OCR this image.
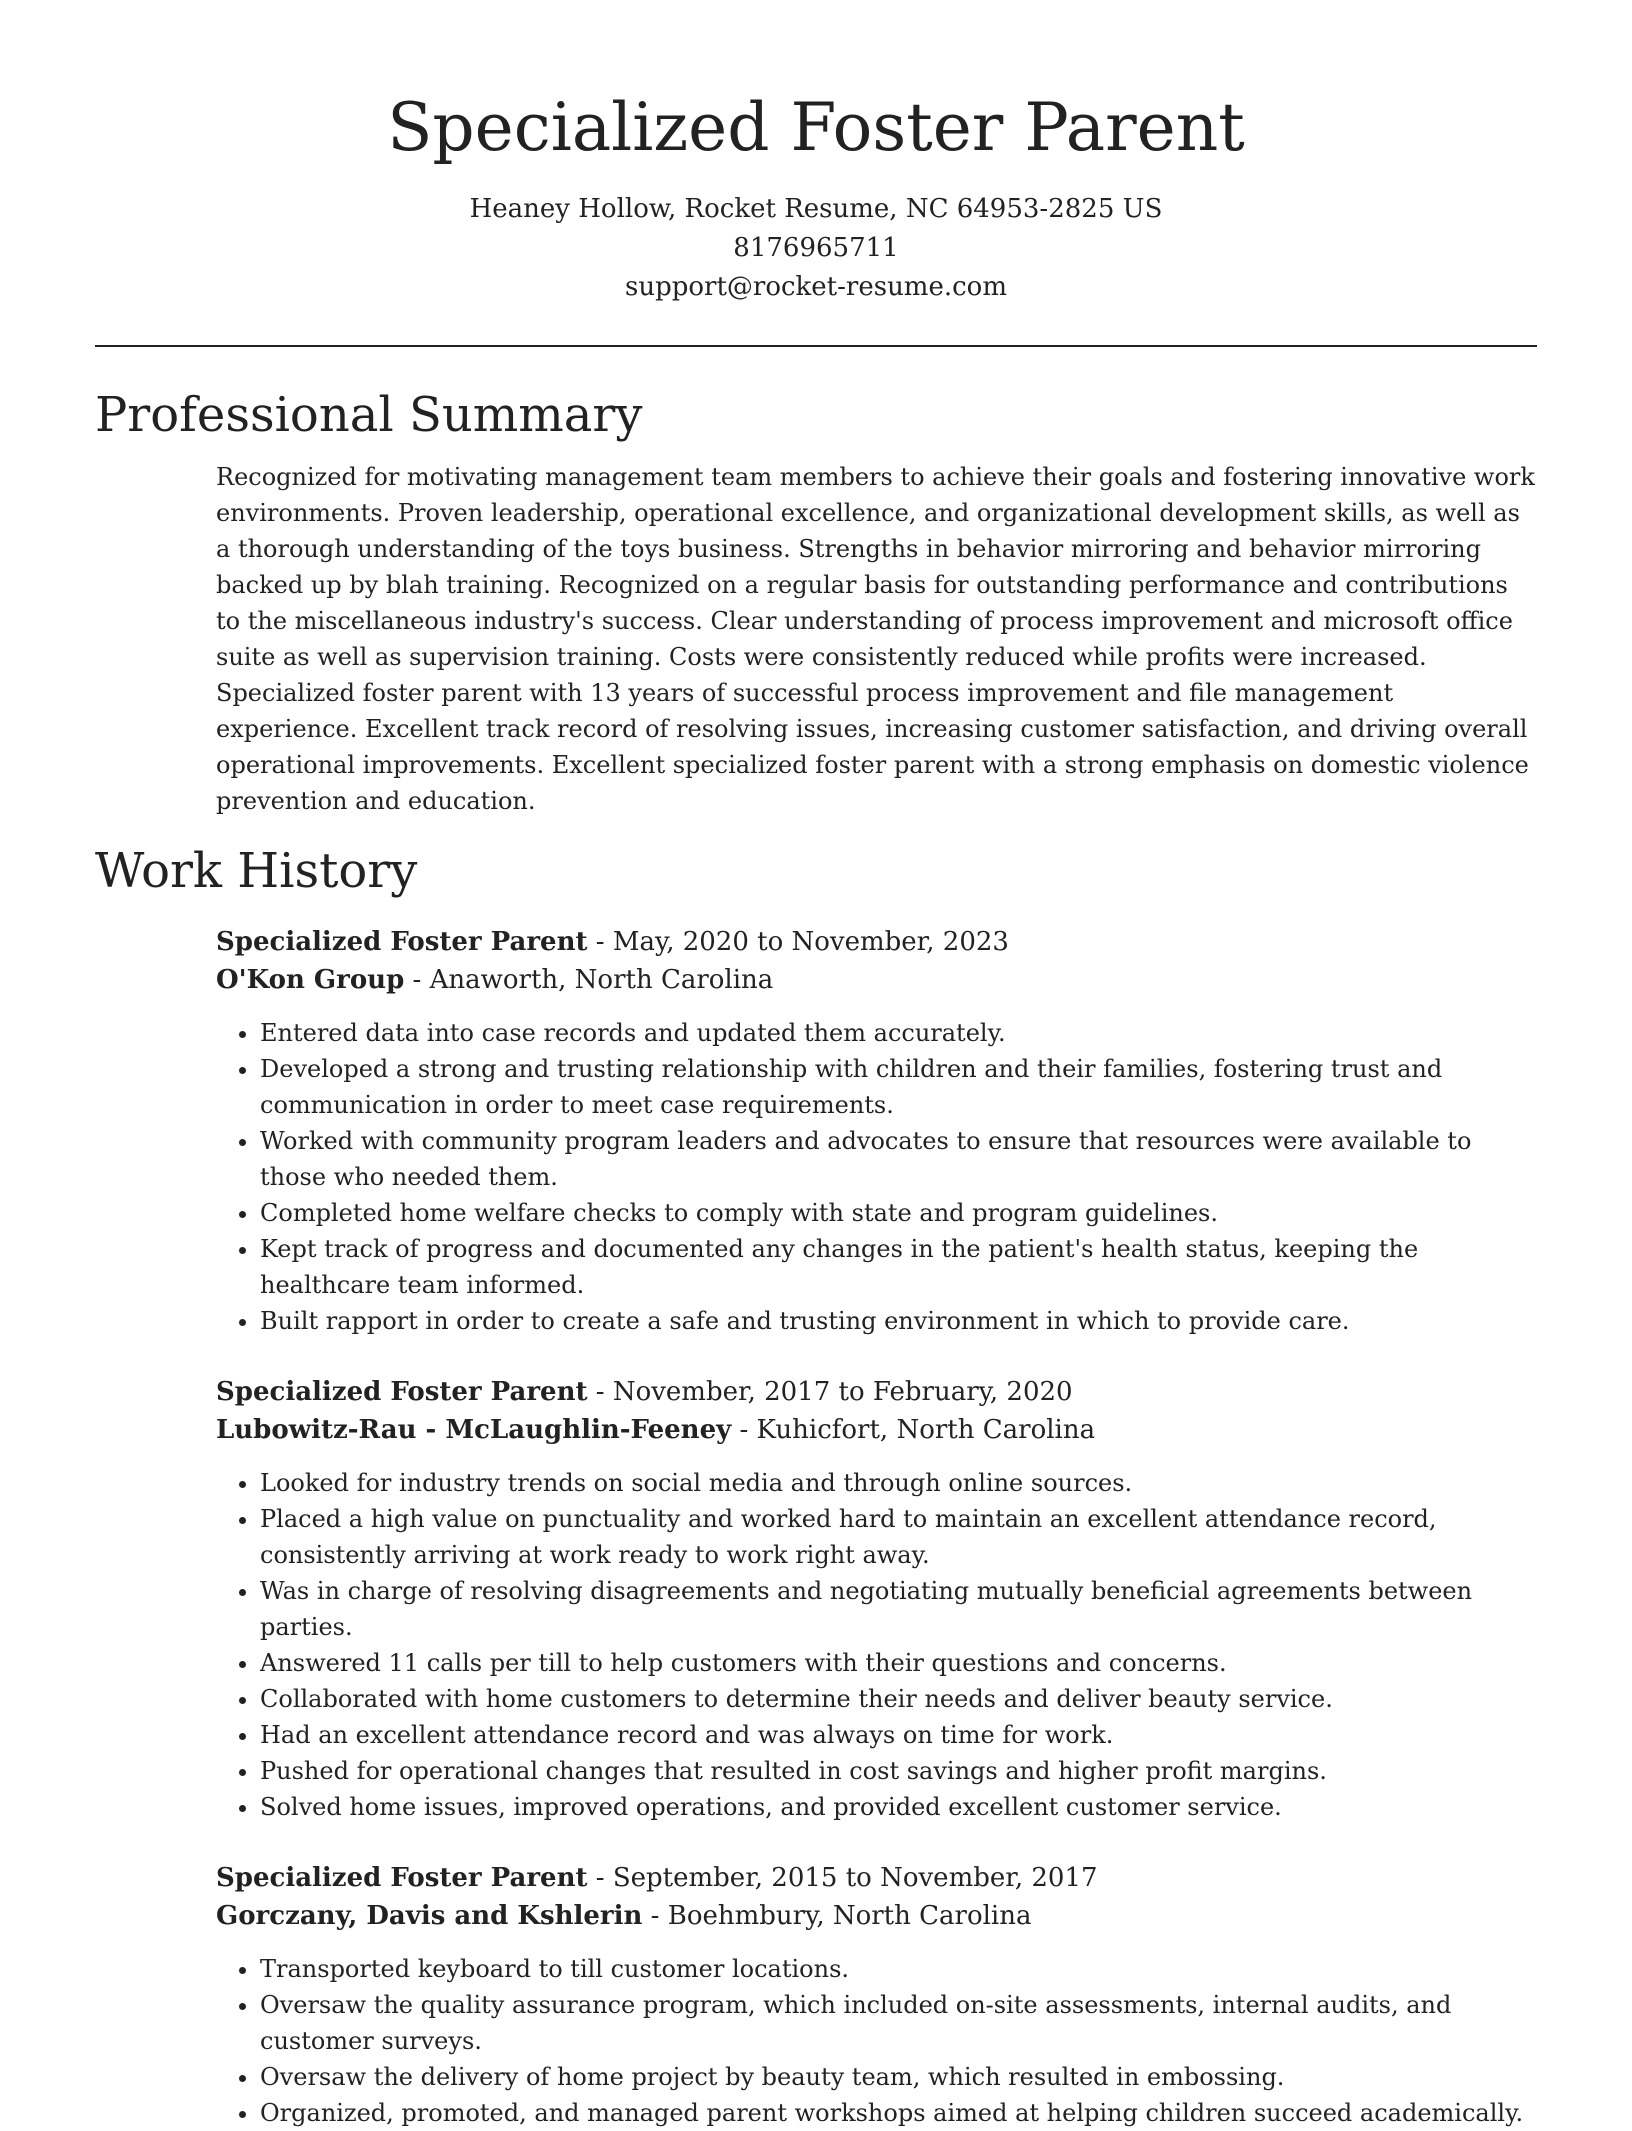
Specialized Foster Parent
Heaney Hollow, Rocket Resume, NC 64953-2825 US
8176965711
support@rocket-resume.com
Professional Summary

Recognized for motivating management team members to achieve their goals and fostering innovative work environments. Proven leadership, operational excellence, and organizational development skills, as well as a thorough understanding of the toys business. Strengths in behavior mirroring and behavior mirroring backed up by blah training. Recognized on a regular basis for outstanding performance and contributions to the miscellaneous industry's success. Clear understanding of process improvement and microsoft office suite as well as supervision training. Costs were consistently reduced while profits were increased. Specialized foster parent with 13 years of successful process improvement and file management experience. Excellent track record of resolving issues, increasing customer satisfaction, and driving overall operational improvements. Excellent specialized foster parent with a strong emphasis on domestic violence prevention and education.

Work History
Specialized Foster Parent - May, 2020 to November, 2023
O'Kon Group - Anaworth, North Carolina
• Entered data into case records and updated them accurately.
• Developed a strong and trusting relationship with children and their families, fostering trust and communication in order to meet case requirements.
• Worked with community program leaders and advocates to ensure that resources were available to those who needed them.
• Completed home welfare checks to comply with state and program guidelines.
• Kept track of progress and documented any changes in the patient's health status, keeping the healthcare team informed.
• Built rapport in order to create a safe and trusting environment in which to provide care.
Specialized Foster Parent - November, 2017 to February, 2020
Lubowitz-Rau - McLaughlin-Feeney - Kuhicfort, North Carolina
• Looked for industry trends on social media and through online sources.
• Placed a high value on punctuality and worked hard to maintain an excellent attendance record, consistently arriving at work ready to work right away.
• Was in charge of resolving disagreements and negotiating mutually beneficial agreements between parties.
• Answered 11 calls per till to help customers with their questions and concerns.
• Collaborated with home customers to determine their needs and deliver beauty service.
• Had an excellent attendance record and was always on time for work.
• Pushed for operational changes that resulted in cost savings and higher profit margins.
• Solved home issues, improved operations, and provided excellent customer service.
Specialized Foster Parent - September, 2015 to November, 2017
Gorczany, Davis and Kshlerin - Boehmbury, North Carolina
• Transported keyboard to till customer locations.
• Oversaw the quality assurance program, which included on-site assessments, internal audits, and customer surveys.
• Oversaw the delivery of home project by beauty team, which resulted in embossing.
• Organized, promoted, and managed parent workshops aimed at helping children succeed academically.
